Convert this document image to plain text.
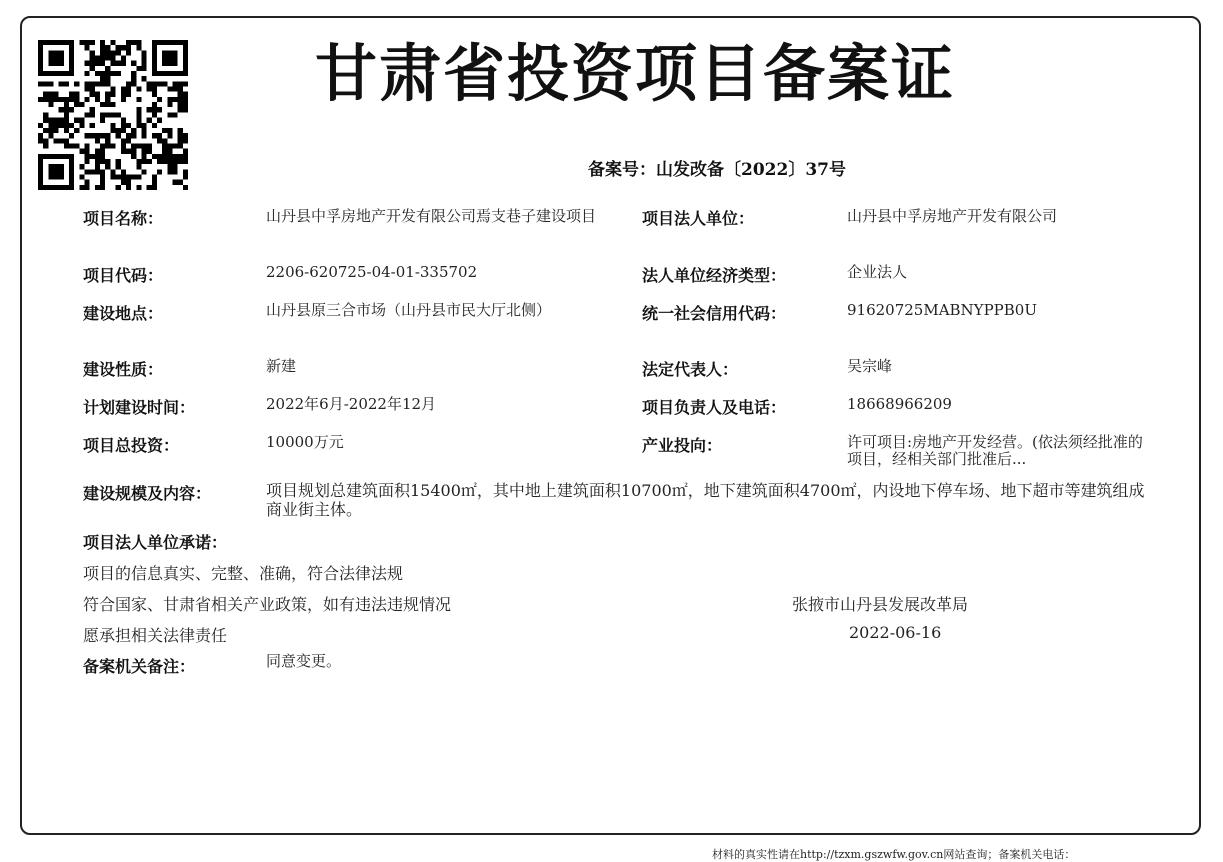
甘肃省投资项目备案证
备案号：山发改备〔2022〕37号
项目名称：	山丹县中孚房地产开发有限公司焉支巷子建设项目
项目代码：	2206-620725-04-01-335702
建设地点：	山丹县原三合市场（山丹县市民大厅北侧）
建设性质：	新建
计划建设时间：	2022年6月-2022年12月
项目总投资：	10000万元
项目法人单位：	山丹县中孚房地产开发有限公司
法人单位经济类型：	企业法人
统一社会信用代码：	91620725MABNYPPB0U
法定代表人：	吴宗峰
项目负责人及电话：	18668966209
产业投向：	许可项目:房地产开发经营。(依法须经批准的项目，经相关部门批准后...
建设规模及内容：	项目规划总建筑面积15400㎡，其中地上建筑面积10700㎡，地下建筑面积4700㎡，内设地下停车场、地下超市等建筑组成商业街主体。
项目法人单位承诺：
项目的信息真实、完整、准确，符合法律法规
符合国家、甘肃省相关产业政策，如有违法违规情况
愿承担相关法律责任
张掖市山丹县发展改革局
2022-06-16
备案机关备注：	同意变更。
材料的真实性请在http://tzxm.gszwfw.gov.cn网站查询；备案机关电话：
